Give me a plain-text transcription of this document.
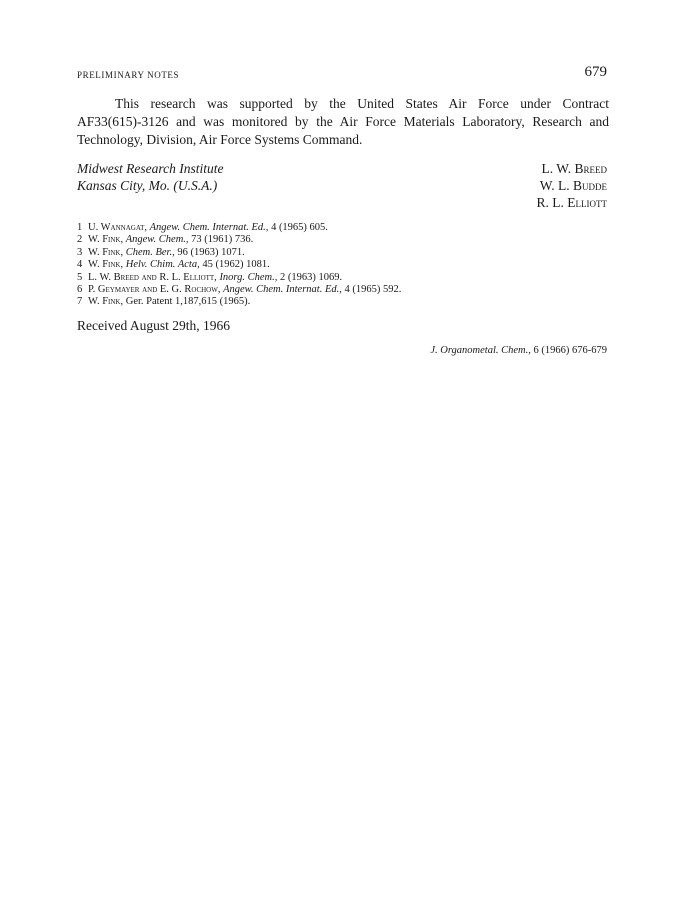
PRELIMINARY NOTES	679

This research was supported by the United States Air Force under Contract AF33(615)-3126 and was monitored by the Air Force Materials Laboratory, Research and Technology, Division, Air Force Systems Command.

Midwest Research Institute
Kansas City, Mo. (U.S.A.)
L. W. Breed
W. L. Budde
R. L. Elliott
1 U. Wannagat, Angew. Chem. Internat. Ed., 4 (1965) 605.
2 W. Fink, Angew. Chem., 73 (1961) 736.
3 W. Fink, Chem. Ber., 96 (1963) 1071.
4 W. Fink, Helv. Chim. Acta, 45 (1962) 1081.
5 L. W. Breed and R. L. Elliott, Inorg. Chem., 2 (1963) 1069.
6 P. Geymayer and E. G. Rochow, Angew. Chem. Internat. Ed., 4 (1965) 592.
7 W. Fink, Ger. Patent 1,187,615 (1965).
Received August 29th, 1966
J. Organometal. Chem., 6 (1966) 676-679
